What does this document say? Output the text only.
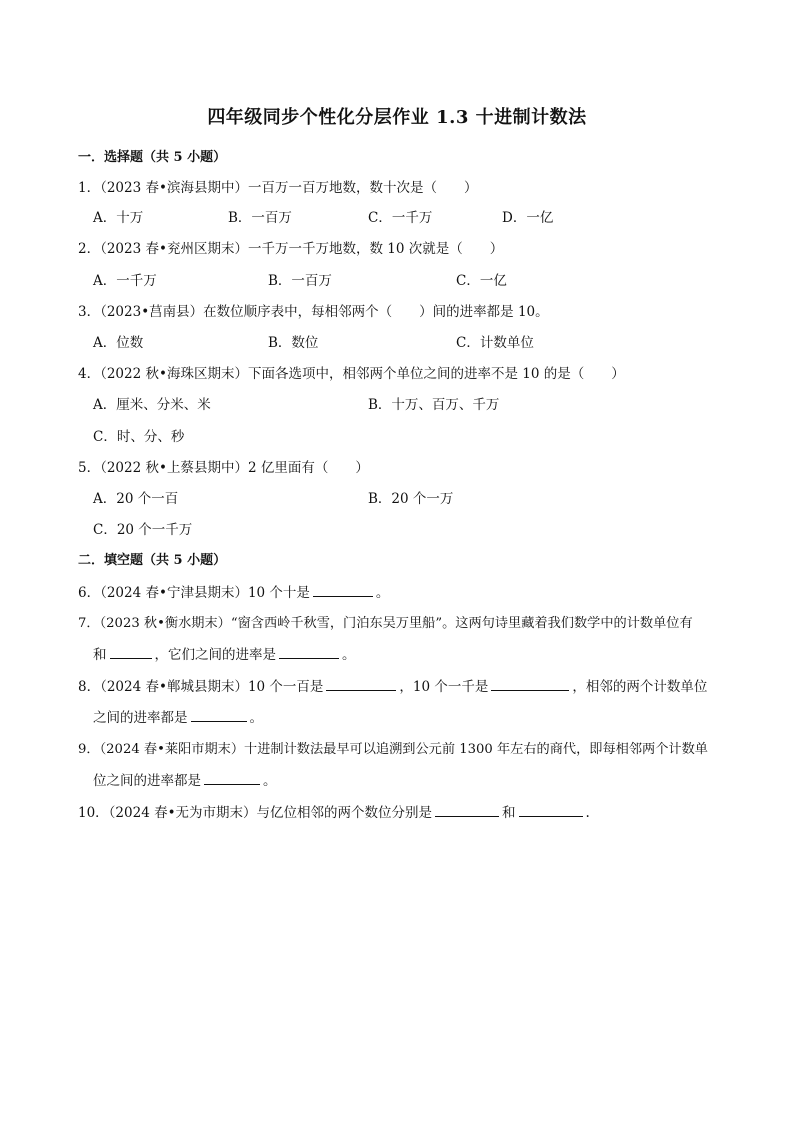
四年级同步个性化分层作业 1.3 十进制计数法
一．选择题（共 5 小题）
1．（2023 春•滨海县期中）一百万一百万地数，数十次是（　　）
A．十万	B．一百万	C．一千万	D．一亿
2．（2023 春•兖州区期末）一千万一千万地数，数 10 次就是（　　）
A．一千万	B．一百万	C．一亿
3．（2023•莒南县）在数位顺序表中，每相邻两个（　　）间的进率都是 10。
A．位数	B．数位	C．计数单位
4．（2022 秋•海珠区期末）下面各选项中，相邻两个单位之间的进率不是 10 的是（　　）
A．厘米、分米、米	B．十万、百万、千万
C．时、分、秒
5．（2022 秋•上蔡县期中）2 亿里面有（　　）
A．20 个一百	B．20 个一万
C．20 个一千万
二．填空题（共 5 小题）
6．（2024 春•宁津县期末）10 个十是	。
7．（2023 秋•衡水期末）“窗含西岭千秋雪，门泊东吴万里船”。这两句诗里藏着我们数学中的计数单位有
和	，它们之间的进率是	。
8．（2024 春•郸城县期末）10 个一百是	，10 个一千是	，相邻的两个计数单位
之间的进率都是	。
9．（2024 春•莱阳市期末）十进制计数法最早可以追溯到公元前 1300 年左右的商代，即每相邻两个计数单
位之间的进率都是	。
10．（2024 春•无为市期末）与亿位相邻的两个数位分别是	和	.
